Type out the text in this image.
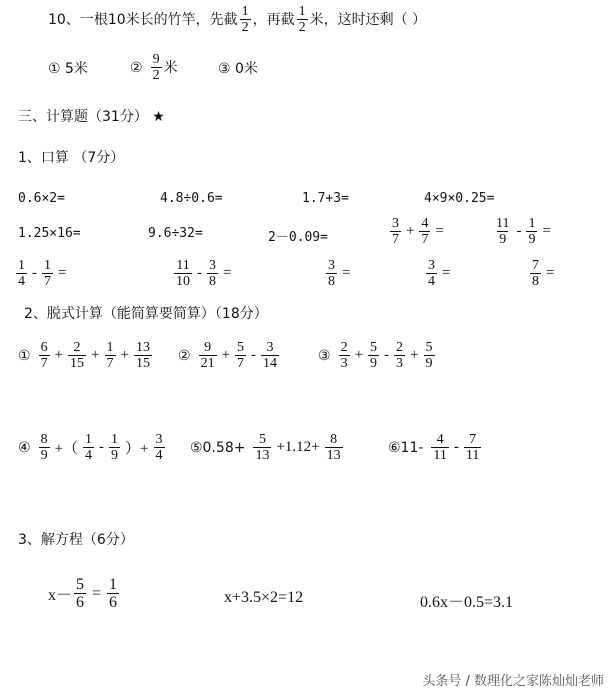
10、一根10米长的竹竿，先截 $\frac{1}{2}$ ，再截 $\frac{1}{2}$ 米，这时还剩（ ）
① 5米	② $\frac{9}{2}$ 米	③ 0米
三、计算题（31分） ★
1、口算 （7分）
0.6×2=	4.8÷0.6=	1.7+3=	4×9×0.25=
1.25×16=	9.6÷32=	2－0.09=	$\frac{3}{7} + \frac{4}{7}$ =	$\frac{11}{9} - \frac{1}{9}$ =
$\frac{1}{4} - \frac{1}{7}$ =	$\frac{11}{10} - \frac{3}{8}$ =	$\frac{3}{8}$ =	$\frac{3}{4}$ =	$\frac{7}{8}$ =
2、脱式计算（能简算要简算）（18分）
① $\frac{6}{7} + \frac{2}{15} + \frac{1}{7} + \frac{13}{15}$ ② $\frac{9}{21} + \frac{5}{7} - \frac{3}{14}$	③ $\frac{2}{3} + \frac{5}{9} - \frac{2}{3} + \frac{5}{9}$
④ $\frac{8}{9}$ +（ $\frac{1}{4} - \frac{1}{9}$ ）+ $\frac{3}{4}$ ⑤0.58+ $\frac{5}{13} +1.12+ \frac{8}{13}$	⑥11- $\frac{4}{11} - \frac{7}{11}$
3、解方程（6分）
$x- \frac{5}{6} = \frac{1}{6}$	x+3.5×2=12	0.6x－0.5=3.1
头条号 / 数理化之家陈灿灿老师
